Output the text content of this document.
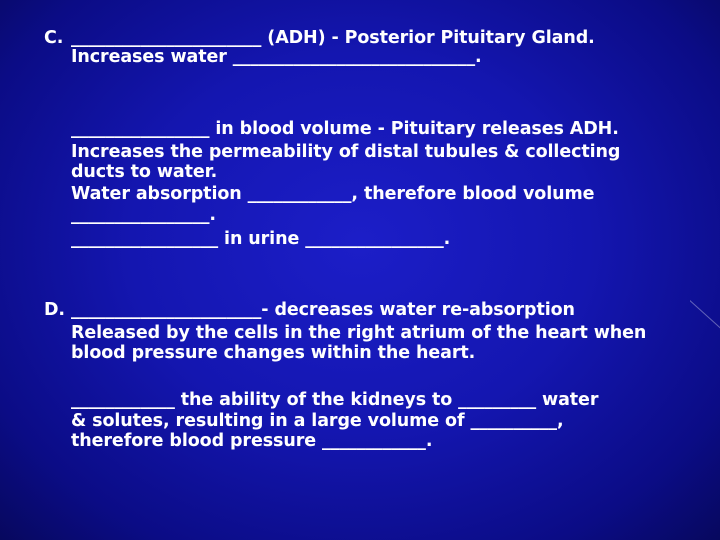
C. ______________________ (ADH) - Posterior Pituitary Gland.
Increases water ____________________________.
________________ in blood volume - Pituitary releases ADH.
Increases the permeability of distal tubules & collecting
ducts to water.
Water absorption ____________, therefore blood volume
________________.
_________________ in urine ________________.
D. ______________________- decreases water re-absorption
Released by the cells in the right atrium of the heart when
blood pressure changes within the heart.
____________ the ability of the kidneys to _________ water
& solutes, resulting in a large volume of __________,
therefore blood pressure ____________.
